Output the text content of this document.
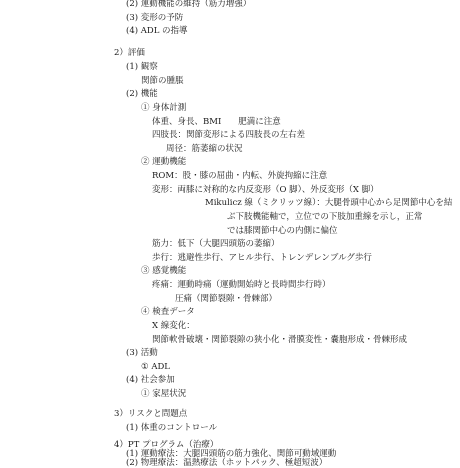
(2) 運動機能の維持（筋力増強）
(3) 変形の予防
(4) ADL の指導
2）評価
(1) 観察
関節の腫脹
(2) 機能
① 身体計測
体重、身長、BMI　　肥満に注意
四肢長：関節変形による四肢長の左右差
周径：筋萎縮の状況
② 運動機能
ROM：股・膝の屈曲・内転、外旋拘縮に注意
変形：両膝に対称的な内反変形（O 脚）、外反変形（X 脚）
Mikulicz 線（ミクリッツ線）：大腿骨頭中心から足関節中心を結
ぶ下肢機能軸で，立位での下肢加重線を示し，正常
では膝関節中心の内側に偏位
筋力：低下（大腿四頭筋の萎縮）
歩行：逃避性歩行、アヒル歩行、トレンデレンブルグ歩行
③ 感覚機能
疼痛：運動時痛（運動開始時と長時間歩行時）
圧痛（関節裂隙・骨棘部）
④ 検査データ
X 線変化：
関節軟骨破壊・関節裂隙の狭小化・滑膜変性・嚢胞形成・骨棘形成
(3) 活動
① ADL
(4) 社会参加
① 家屋状況
3）リスクと問題点
(1) 体重のコントロール
4）PT プログラム（治療）
(1) 運動療法：大腿四頭筋の筋力強化、関節可動域運動
(2) 物理療法：温熱療法（ホットパック、極超短波）
